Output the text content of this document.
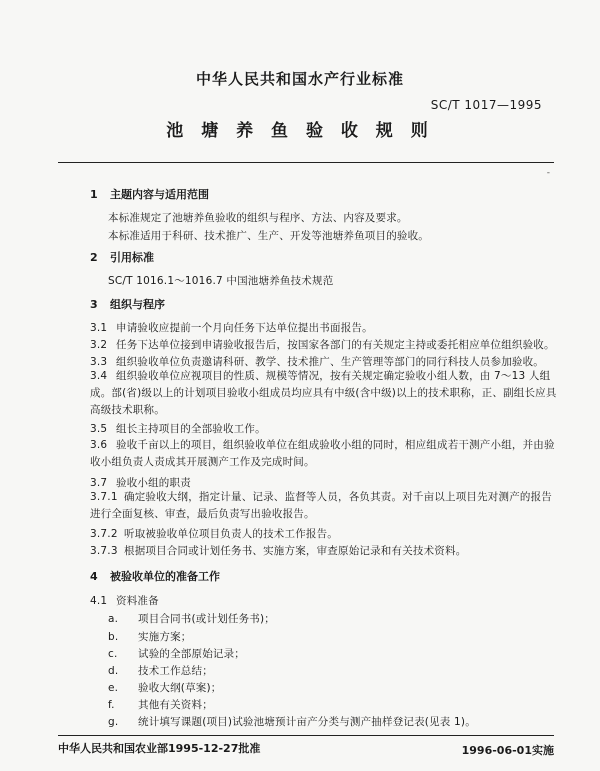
中华人民共和国水产行业标准
SC/T 1017—1995
池 塘 养 鱼 验 收 规 则
-
1 主题内容与适用范围
本标准规定了池塘养鱼验收的组织与程序、方法、内容及要求。
本标准适用于科研、技术推广、生产、开发等池塘养鱼项目的验收。
2 引用标准
SC/T 1016.1～1016.7 中国池塘养鱼技术规范
3 组织与程序
3.1 申请验收应提前一个月向任务下达单位提出书面报告。
3.2 任务下达单位接到申请验收报告后，按国家各部门的有关规定主持或委托相应单位组织验收。
3.3 组织验收单位负责邀请科研、教学、技术推广、生产管理等部门的同行科技人员参加验收。
3.4 组织验收单位应视项目的性质、规模等情况，按有关规定确定验收小组人数，由 7～13 人组成。部(省)级以上的计划项目验收小组成员均应具有中级(含中级)以上的技术职称，正、副组长应具高级技术职称。
3.5 组长主持项目的全部验收工作。
3.6 验收千亩以上的项目，组织验收单位在组成验收小组的同时，相应组成若干测产小组，并由验收小组负责人责成其开展测产工作及完成时间。
3.7 验收小组的职责
3.7.1 确定验收大纲，指定计量、记录、监督等人员，各负其责。对千亩以上项目先对测产的报告进行全面复核、审查，最后负责写出验收报告。
3.7.2 听取被验收单位项目负责人的技术工作报告。
3.7.3 根据项目合同或计划任务书、实施方案，审查原始记录和有关技术资料。
4 被验收单位的准备工作
4.1 资料准备
a. 项目合同书(或计划任务书)；
b. 实施方案；
c. 试验的全部原始记录；
d. 技术工作总结；
e. 验收大纲(草案)；
f. 其他有关资料；
g. 统计填写课题(项目)试验池塘预计亩产分类与测产抽样登记表(见表 1)。
中华人民共和国农业部1995-12-27批准	1996-06-01实施
